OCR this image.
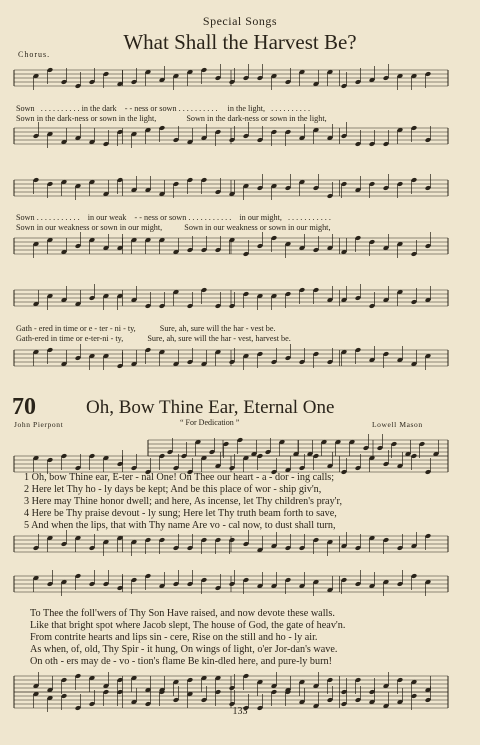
Special Songs
What Shall the Harvest Be?
Chorus.
Sown . . . . . . . . . . in the dark - - ness or sown . . . . . . . . . . in the light, . . . . . . . . . .
Sown in the dark-ness or sown in the light,	Sown in the dark-ness or sown in the light,
Sown . . . . . . . . . . . in our weak - - ness or sown . . . . . . . . . . . in our might, . . . . . . . . . . .
Sown in our weakness or sown in our might,	Sown in our weakness or sown in our might,
Gath - ered in time or e - ter - ni - ty,	Sure, ah, sure will the har - vest be.
Gath-ered in time or e-ter-ni - ty,	Sure, ah, sure will the har - vest, harvest be.
70	Oh, Bow Thine Ear, Eternal One
John Pierpont	“ For Dedication ”	Lowell Mason
1 Oh, bow Thine ear, E-ter - nal One! On Thee our heart - a - dor - ing calls;
2 Here let Thy ho - ly days be kept; And be this place of wor - ship giv'n,
3 Here may Thine honor dwell; and here, As incense, let Thy children's pray'r,
4 Here be Thy praise devout - ly sung; Here let Thy truth beam forth to save,
5 And when the lips, that with Thy name Are vo - cal now, to dust shall turn,
To Thee the foll'wers of Thy Son Have raised, and now devote these walls.
Like that bright spot where Jacob slept, The house of God, the gate of heav'n.
From contrite hearts and lips sin - cere, Rise on the still and ho - ly air.
As when, of, old, Thy Spir - it hung, On wings of light, o'er Jor-dan's wave.
On oth - ers may de - vo - tion's flame Be kin-dled here, and pure-ly burn!
133
